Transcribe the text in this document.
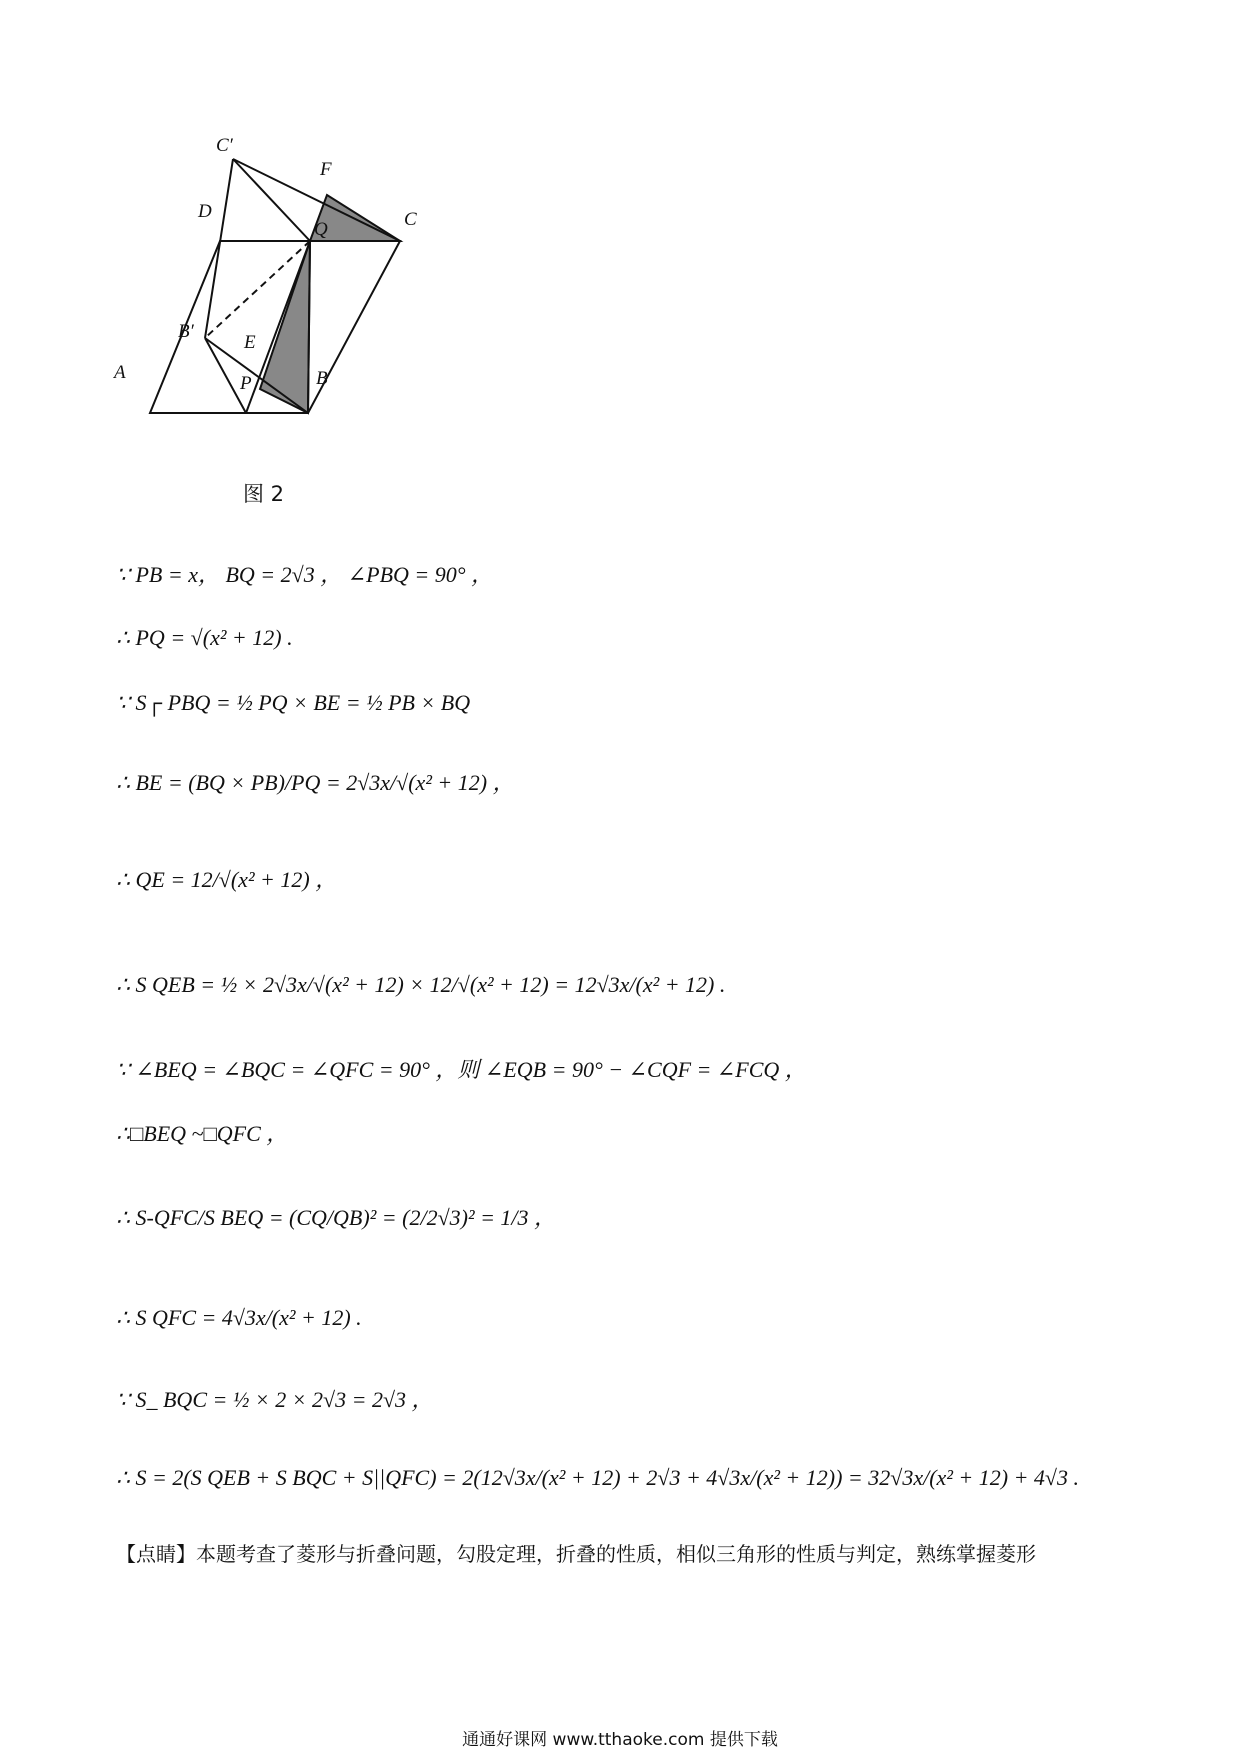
C′
F
D	C
Q
B′
E
A
P	B
图 2
∵ PB = x， BQ = 2√3 ， ∠PBQ = 90° ，
∴ PQ = √(x² + 12) .
∵ S┌ PBQ = ½ PQ × BE = ½ PB × BQ
∴ BE = (BQ × PB)/PQ = 2√3x/√(x² + 12) ，
∴ QE = 12/√(x² + 12) ，
∴ S QEB = ½ × 2√3x/√(x² + 12) × 12/√(x² + 12) = 12√3x/(x² + 12) .
∵ ∠BEQ = ∠BQC = ∠QFC = 90° ，则 ∠EQB = 90° − ∠CQF = ∠FCQ ，
∴□BEQ ~□QFC ，
∴ S-QFC/S BEQ = (CQ/QB)² = (2/2√3)² = 1/3 ，
∴ S QFC = 4√3x/(x² + 12) .
∵ S_ BQC = ½ × 2 × 2√3 = 2√3 ，
∴ S = 2(S QEB + S BQC + S||QFC) = 2(12√3x/(x² + 12) + 2√3 + 4√3x/(x² + 12)) = 32√3x/(x² + 12) + 4√3 .
【点睛】本题考查了菱形与折叠问题，勾股定理，折叠的性质，相似三角形的性质与判定，熟练掌握菱形
通通好课网 www.tthaoke.com 提供下载
